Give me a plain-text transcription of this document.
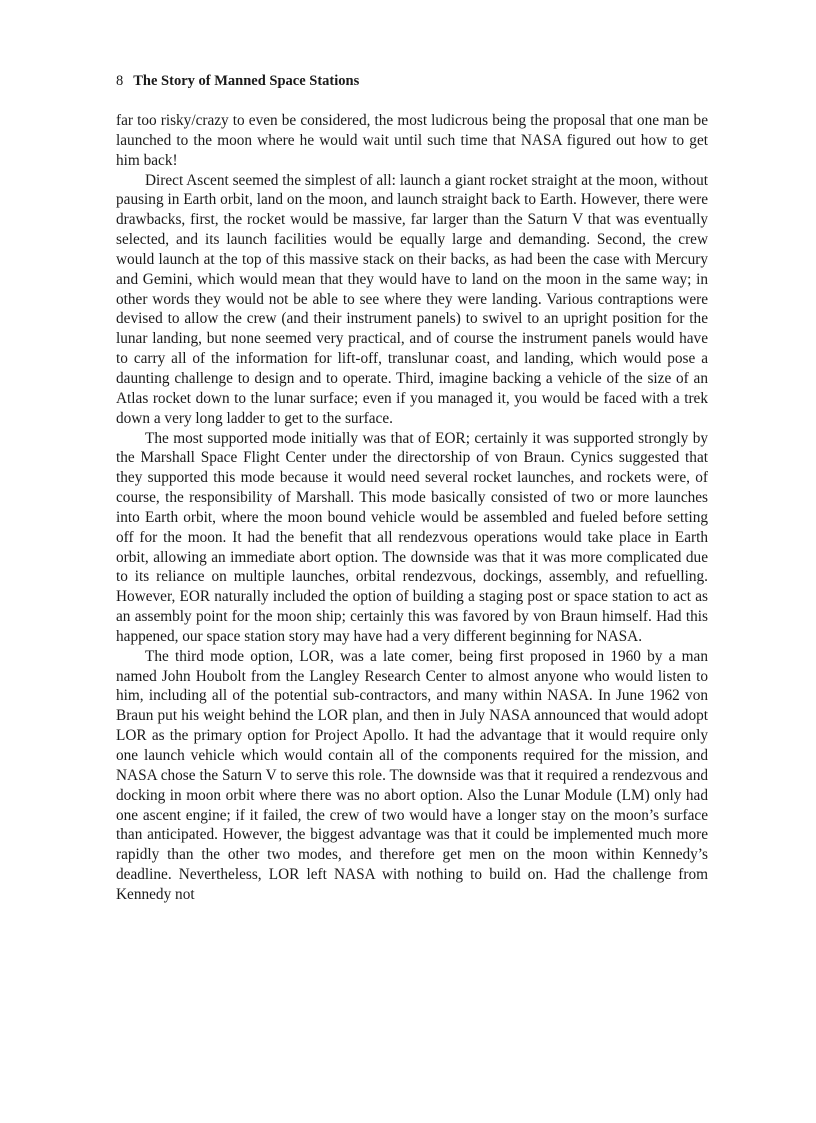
8 The Story of Manned Space Stations

far too risky/crazy to even be considered, the most ludicrous being the proposal that one man be launched to the moon where he would wait until such time that NASA figured out how to get him back!

Direct Ascent seemed the simplest of all: launch a giant rocket straight at the moon, without pausing in Earth orbit, land on the moon, and launch straight back to Earth. However, there were drawbacks, first, the rocket would be massive, far larger than the Saturn V that was eventually selected, and its launch facilities would be equally large and demanding. Second, the crew would launch at the top of this massive stack on their backs, as had been the case with Mercury and Gemini, which would mean that they would have to land on the moon in the same way; in other words they would not be able to see where they were landing. Various contraptions were devised to allow the crew (and their instrument panels) to swivel to an upright position for the lunar landing, but none seemed very practical, and of course the instrument panels would have to carry all of the information for lift-off, translunar coast, and landing, which would pose a daunting challenge to design and to operate. Third, imagine backing a vehicle of the size of an Atlas rocket down to the lunar surface; even if you managed it, you would be faced with a trek down a very long ladder to get to the surface.

The most supported mode initially was that of EOR; certainly it was supported strongly by the Marshall Space Flight Center under the directorship of von Braun. Cynics suggested that they supported this mode because it would need several rocket launches, and rockets were, of course, the responsibility of Marshall. This mode basically consisted of two or more launches into Earth orbit, where the moon bound vehicle would be assembled and fueled before setting off for the moon. It had the benefit that all rendezvous operations would take place in Earth orbit, allowing an immediate abort option. The downside was that it was more complicated due to its reliance on multiple launches, orbital rendezvous, dockings, assembly, and refuelling. However, EOR naturally included the option of building a staging post or space station to act as an assembly point for the moon ship; certainly this was favored by von Braun himself. Had this happened, our space station story may have had a very different beginning for NASA.

The third mode option, LOR, was a late comer, being first proposed in 1960 by a man named John Houbolt from the Langley Research Center to almost anyone who would listen to him, including all of the potential sub-contractors, and many within NASA. In June 1962 von Braun put his weight behind the LOR plan, and then in July NASA announced that would adopt LOR as the primary option for Project Apollo. It had the advantage that it would require only one launch vehicle which would contain all of the components required for the mission, and NASA chose the Saturn V to serve this role. The downside was that it required a rendezvous and docking in moon orbit where there was no abort option. Also the Lunar Module (LM) only had one ascent engine; if it failed, the crew of two would have a longer stay on the moon’s surface than anticipated. However, the biggest advantage was that it could be implemented much more rapidly than the other two modes, and therefore get men on the moon within Kennedy’s deadline. Nevertheless, LOR left NASA with nothing to build on. Had the challenge from Kennedy not
